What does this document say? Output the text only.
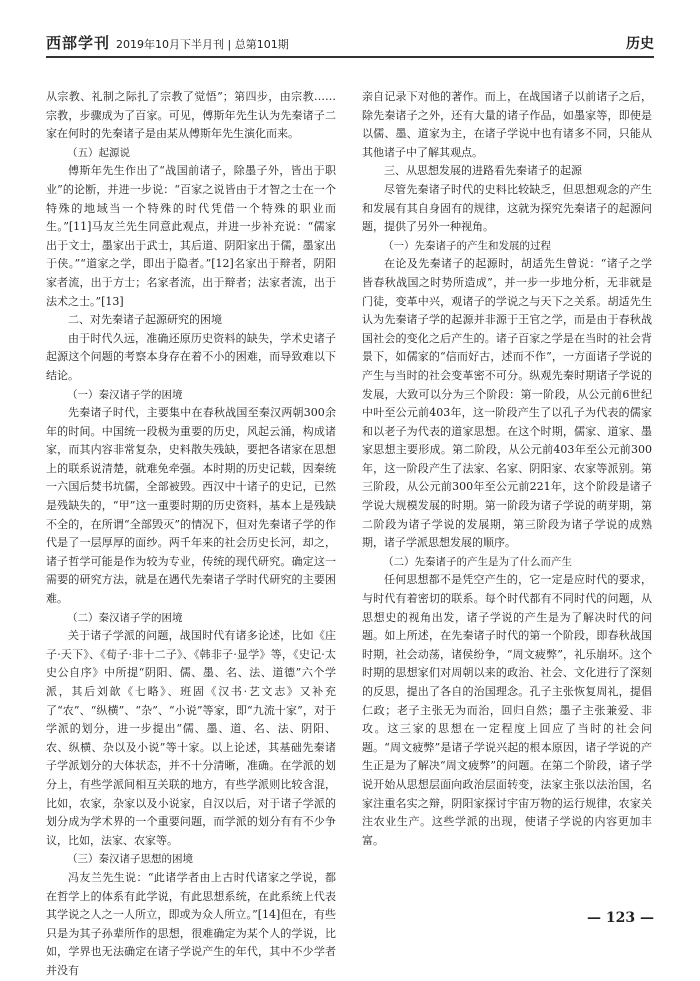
西部学刊 2019年10月下半月刊 | 总第101期	历史

从宗教、礼制之际扎了宗教了觉悟”；第四步，由宗教……宗教，步骤成为了百家。可见，傅斯年先生认为先秦诸子二家在何时的先秦诸子是由某从傅斯年先生演化而来。

（五）起源说

傅斯年先生作出了“战国前诸子，除墨子外，皆出于职业”的论断，并进一步说：“百家之说皆由于才智之士在一个特殊的地域当一个特殊的时代凭借一个特殊的职业而生。”[11]马友兰先生同意此观点，并进一步补充说：“儒家出于文士，墨家出于武士，其后道、阴阳家出于儒，墨家出于侠。”“道家之学，即出于隐者。”[12]名家出于辩者，阴阳家者流，出于方士；名家者流，出于辩者；法家者流，出于法术之士。”[13]

二、对先秦诸子起源研究的困境

由于时代久远，准确还原历史资料的缺失，学术史诸子起源这个问题的考察本身存在着不小的困难，而导致难以下结论。

（一）秦汉诸子学的困境

先秦诸子时代，主要集中在春秋战国至秦汉两朝300余年的时间。中国统一段极为重要的历史，风起云涌，构成诸家，而其内容非常复杂，史料散失残缺，要把各诸家在思想上的联系说清楚，就难免牵强。本时期的历史记载，因秦统一六国后焚书坑儒，全部被毁。西汉中十诸子的史记，已然是残缺失的，“甲”这一重要时期的历史资料，基本上是残缺不全的，在所谓“全部毁灭”的情况下，但对先秦诸子学的作代是了一层厚厚的面纱。两千年来的社会历史长河，却之，诸子哲学可能是作为较为专业，传统的现代研究。确定这一需要的研究方法，就是在遇代先秦诸子学时代研究的主要困难。

（二）秦汉诸子学的困境

关于诸子学派的问题，战国时代有诸多论述，比如《庄子·天下》、《荀子·非十二子》、《韩非子·显学》等，《史记·太史公自序》中所提“阴阳、儒、墨、名、法、道德”六个学派，其后刘歆《七略》、班固《汉书·艺文志》又补充了“农”、“纵横”、“杂”、“小说”等家，即“九流十家”，对于学派的划分，进一步提出“儒、墨、道、名、法、阴阳、农、纵横、杂以及小说”等十家。以上论述，其基础先秦诸子学派划分的大体状态，并不十分清晰，准确。在学派的划分上，有些学派间相互关联的地方，有些学派则比较含混，比如，农家，杂家以及小说家，自汉以后，对于诸子学派的划分成为学术界的一个重要问题，而学派的划分有有不少争议，比如，法家、农家等。

（三）秦汉诸子思想的困境

冯友兰先生说：“此诸学者由上古时代诸家之学说，都在哲学上的体系有此学说，有此思想系统，在此系统上代表其学说之人之一人所立，即或为众人所立。”[14]但在，有些只是为其子孙辈所作的思想，很难确定为某个人的学说，比如，学界也无法确定在诸子学说产生的年代，其中不少学者并没有

亲自记录下对他的著作。而上，在战国诸子以前诸子之后，除先秦诸子之外，还有大量的诸子作品，如墨家等，即使是以儒、墨、道家为主，在诸子学说中也有诸多不同，只能从其他诸子中了解其观点。

三、从思想发展的进路看先秦诸子的起源

尽管先秦诸子时代的史料比较缺乏，但思想观念的产生和发展有其自身固有的规律，这就为探究先秦诸子的起源问题，提供了另外一种视角。

（一）先秦诸子的产生和发展的过程

在论及先秦诸子的起源时，胡适先生曾说：“诸子之学皆春秋战国之时势所造成”，并一步一步地分析，无非就是门徒，变革中兴，观诸子的学说之与天下之关系。胡适先生认为先秦诸子学的起源并非源于王官之学，而是由于春秋战国社会的变化之后产生的。诸子百家之学是在当时的社会背景下，如儒家的“信而好古，述而不作”，一方面诸子学说的产生与当时的社会变革密不可分。纵观先秦时期诸子学说的发展，大致可以分为三个阶段：第一阶段，从公元前6世纪中叶至公元前403年，这一阶段产生了以孔子为代表的儒家和以老子为代表的道家思想。在这个时期，儒家、道家、墨家思想主要形成。第二阶段，从公元前403年至公元前300年，这一阶段产生了法家、名家、阴阳家、农家等派别。第三阶段，从公元前300年至公元前221年，这个阶段是诸子学说大规模发展的时期。第一阶段为诸子学说的萌芽期，第二阶段为诸子学说的发展期，第三阶段为诸子学说的成熟期，诸子学派思想发展的顺序。

（二）先秦诸子的产生是为了什么而产生

任何思想都不是凭空产生的，它一定是应时代的要求，与时代有着密切的联系。每个时代都有不同时代的问题，从思想史的视角出发，诸子学说的产生是为了解决时代的问题。如上所述，在先秦诸子时代的第一个阶段，即春秋战国时期，社会动荡，诸侯纷争，“周文疲弊”，礼乐崩坏。这个时期的思想家们对周朝以来的政治、社会、文化进行了深刻的反思，提出了各自的治国理念。孔子主张恢复周礼，提倡仁政；老子主张无为而治，回归自然；墨子主张兼爱、非攻。这三家的思想在一定程度上回应了当时的社会问题。“周文疲弊”是诸子学说兴起的根本原因，诸子学说的产生正是为了解决“周文疲弊”的问题。在第二个阶段，诸子学说开始从思想层面向政治层面转变，法家主张以法治国，名家注重名实之辩，阴阳家探讨宇宙万物的运行规律，农家关注农业生产。这些学派的出现，使诸子学说的内容更加丰富。

— 123 —
